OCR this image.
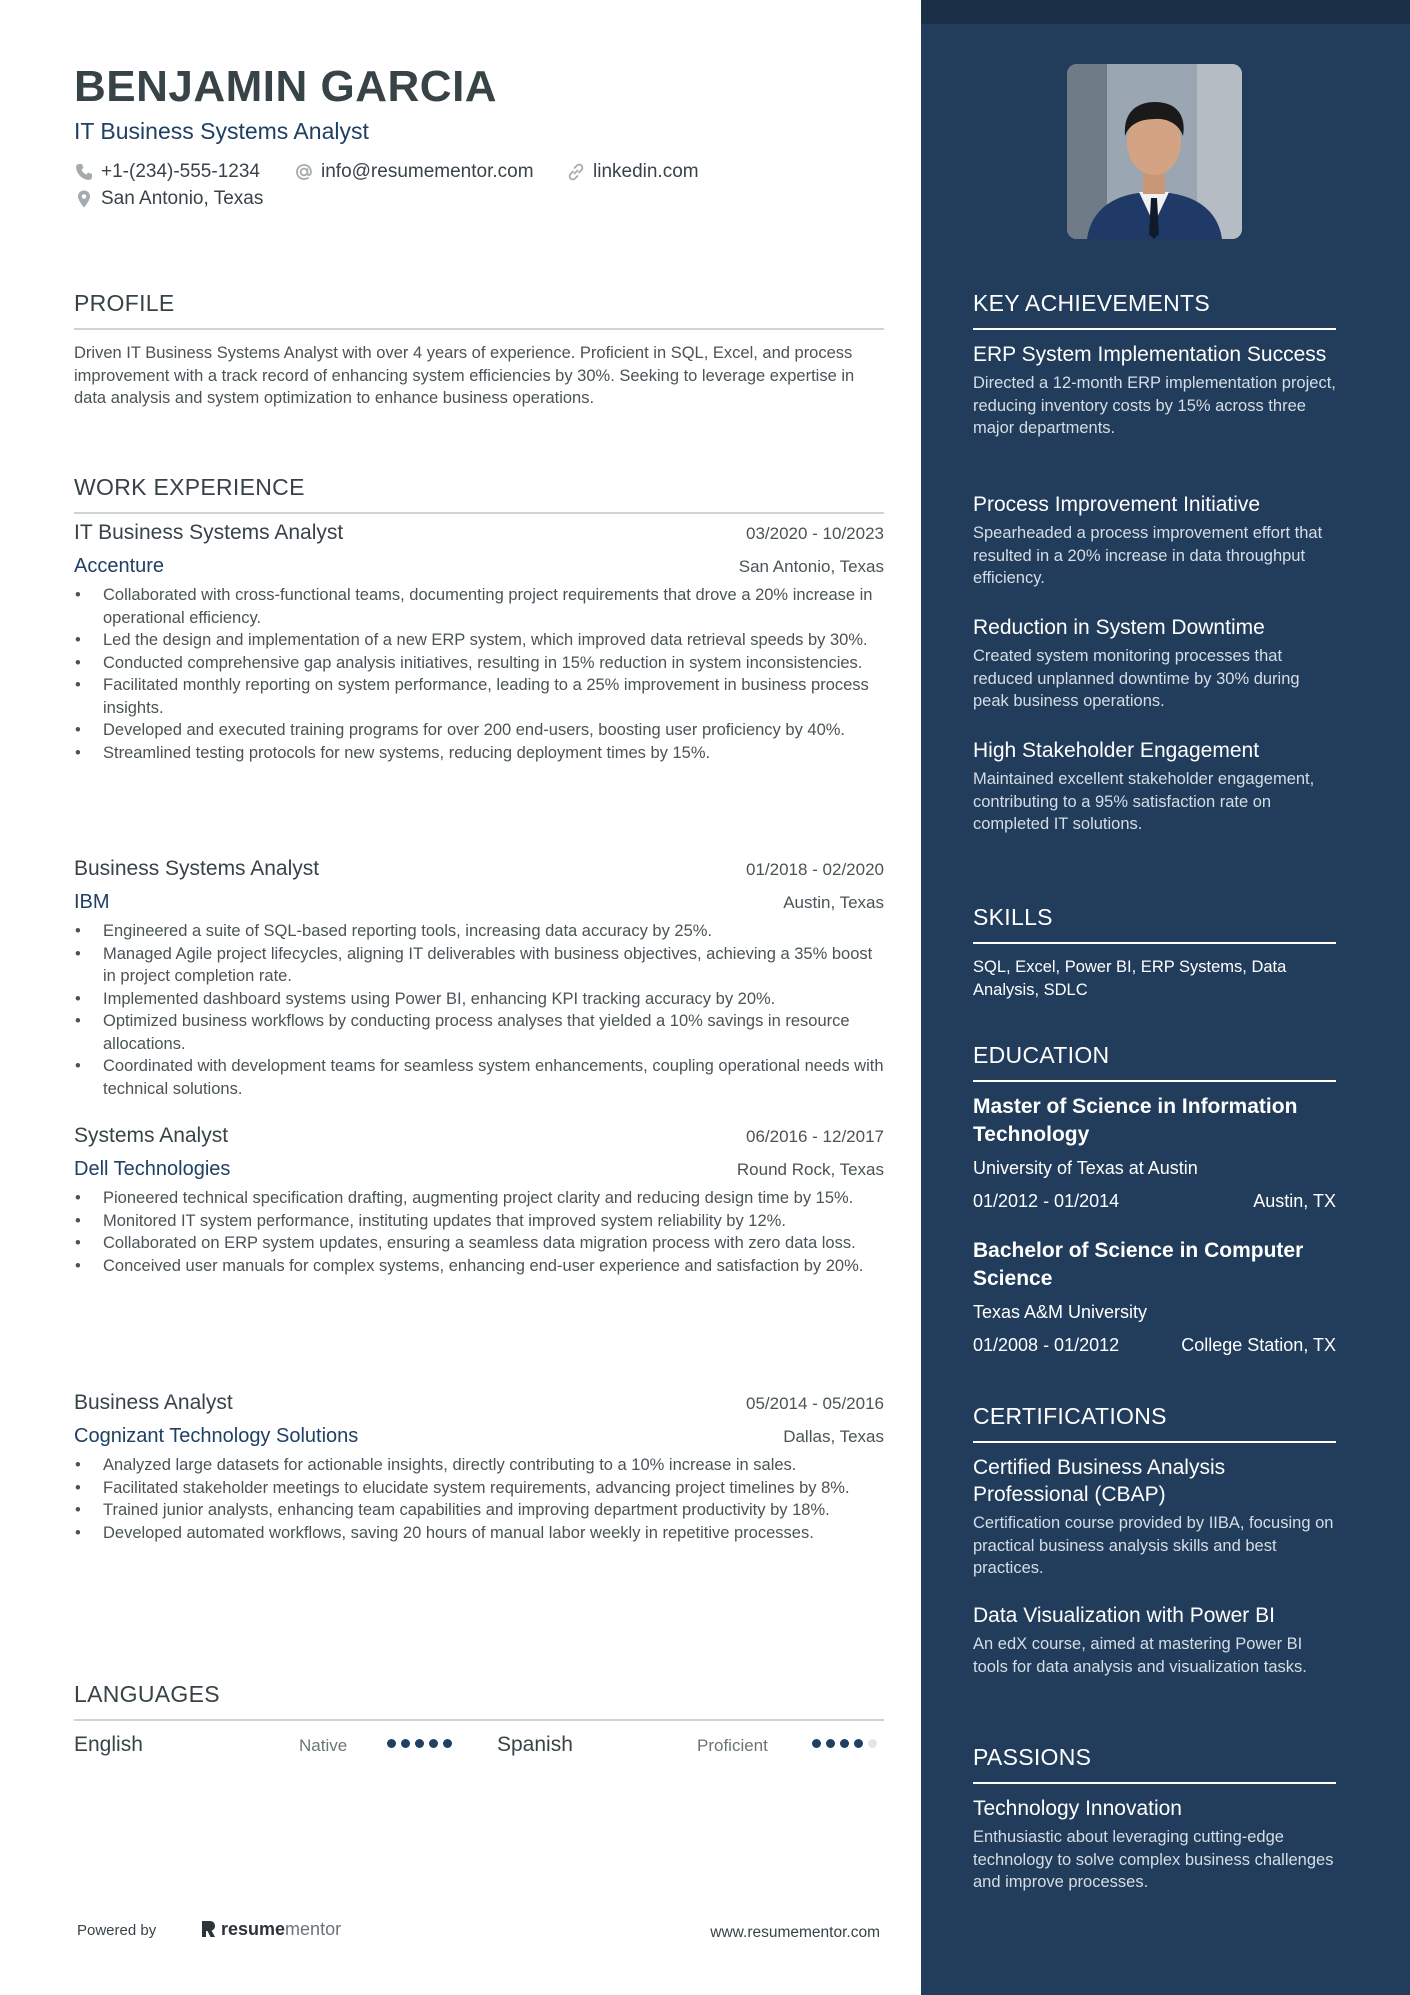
BENJAMIN GARCIA
IT Business Systems Analyst
+1-(234)-555-1234	info@resumementor.com	linkedin.com
San Antonio, Texas
PROFILE
Driven IT Business Systems Analyst with over 4 years of experience. Proficient in SQL, Excel, and process improvement with a track record of enhancing system efficiencies by 30%. Seeking to leverage expertise in data analysis and system optimization to enhance business operations.
WORK EXPERIENCE
IT Business Systems Analyst	03/2020 - 10/2023
Accenture	San Antonio, Texas
• Collaborated with cross-functional teams, documenting project requirements that drove a 20% increase in operational efficiency.
• Led the design and implementation of a new ERP system, which improved data retrieval speeds by 30%.
• Conducted comprehensive gap analysis initiatives, resulting in 15% reduction in system inconsistencies.
• Facilitated monthly reporting on system performance, leading to a 25% improvement in business process insights.
• Developed and executed training programs for over 200 end-users, boosting user proficiency by 40%.
• Streamlined testing protocols for new systems, reducing deployment times by 15%.
Business Systems Analyst	01/2018 - 02/2020
IBM	Austin, Texas
• Engineered a suite of SQL-based reporting tools, increasing data accuracy by 25%.
• Managed Agile project lifecycles, aligning IT deliverables with business objectives, achieving a 35% boost in project completion rate.
• Implemented dashboard systems using Power BI, enhancing KPI tracking accuracy by 20%.
• Optimized business workflows by conducting process analyses that yielded a 10% savings in resource allocations.
• Coordinated with development teams for seamless system enhancements, coupling operational needs with technical solutions.
Systems Analyst	06/2016 - 12/2017
Dell Technologies	Round Rock, Texas
• Pioneered technical specification drafting, augmenting project clarity and reducing design time by 15%.
• Monitored IT system performance, instituting updates that improved system reliability by 12%.
• Collaborated on ERP system updates, ensuring a seamless data migration process with zero data loss.
• Conceived user manuals for complex systems, enhancing end-user experience and satisfaction by 20%.
Business Analyst	05/2014 - 05/2016
Cognizant Technology Solutions	Dallas, Texas
• Analyzed large datasets for actionable insights, directly contributing to a 10% increase in sales.
• Facilitated stakeholder meetings to elucidate system requirements, advancing project timelines by 8%.
• Trained junior analysts, enhancing team capabilities and improving department productivity by 18%.
• Developed automated workflows, saving 20 hours of manual labor weekly in repetitive processes.
LANGUAGES
English	Native	Spanish	Proficient
Powered by	resume mentor	www.resumementor.com
KEY ACHIEVEMENTS
ERP System Implementation Success
Directed a 12-month ERP implementation project, reducing inventory costs by 15% across three major departments.
Process Improvement Initiative
Spearheaded a process improvement effort that resulted in a 20% increase in data throughput efficiency.
Reduction in System Downtime
Created system monitoring processes that reduced unplanned downtime by 30% during peak business operations.
High Stakeholder Engagement
Maintained excellent stakeholder engagement, contributing to a 95% satisfaction rate on completed IT solutions.
SKILLS
SQL, Excel, Power BI, ERP Systems, Data Analysis, SDLC
EDUCATION
Master of Science in Information Technology
University of Texas at Austin
01/2012 - 01/2014	Austin, TX
Bachelor of Science in Computer Science
Texas A&M University
01/2008 - 01/2012	College Station, TX
CERTIFICATIONS
Certified Business Analysis Professional (CBAP)
Certification course provided by IIBA, focusing on practical business analysis skills and best practices.
Data Visualization with Power BI
An edX course, aimed at mastering Power BI tools for data analysis and visualization tasks.
PASSIONS
Technology Innovation
Enthusiastic about leveraging cutting-edge technology to solve complex business challenges and improve processes.
